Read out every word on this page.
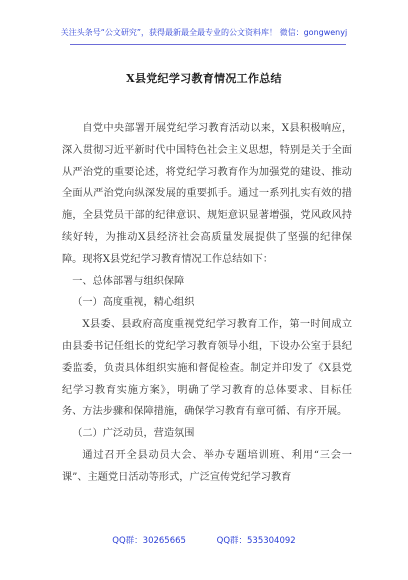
关注头条号“公文研究”，获得最新最全最专业的公文资料库！ 微信：gongwenyj
X县党纪学习教育情况工作总结

自党中央部署开展党纪学习教育活动以来，X县积极响应，深入贯彻习近平新时代中国特色社会主义思想，特别是关于全面从严治党的重要论述，将党纪学习教育作为加强党的建设、推动全面从严治党向纵深发展的重要抓手。通过一系列扎实有效的措施，全县党员干部的纪律意识、规矩意识显著增强，党风政风持续好转，为推动X县经济社会高质量发展提供了坚强的纪律保障。现将X县党纪学习教育情况工作总结如下：

一、总体部署与组织保障

（一）高度重视，精心组织

X县委、县政府高度重视党纪学习教育工作，第一时间成立由县委书记任组长的党纪学习教育领导小组，下设办公室于县纪委监委，负责具体组织实施和督促检查。制定并印发了《X县党纪学习教育实施方案》，明确了学习教育的总体要求、目标任务、方法步骤和保障措施，确保学习教育有章可循、有序开展。

（二）广泛动员，营造氛围

通过召开全县动员大会、举办专题培训班、利用“三会一课”、主题党日活动等形式，广泛宣传党纪学习教育

QQ群：30265665	QQ群：535304092
